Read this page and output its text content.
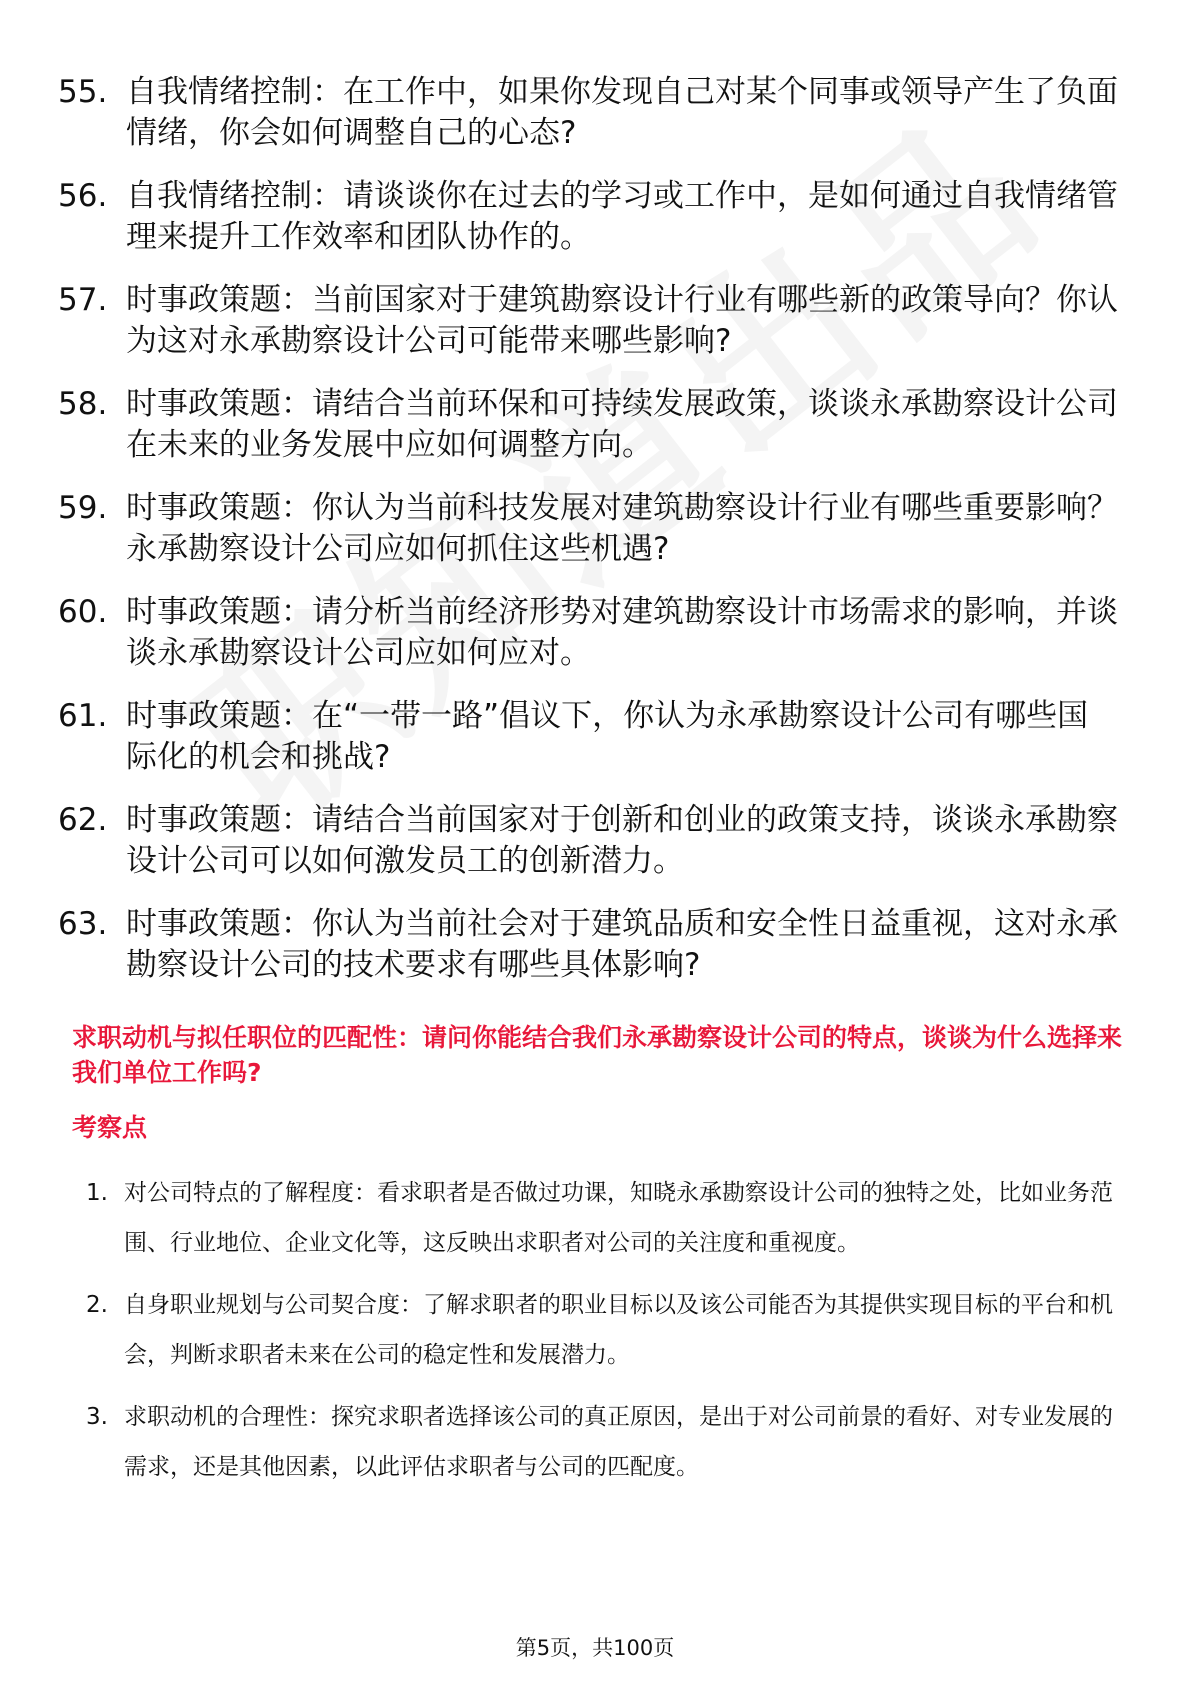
55. 自我情绪控制：在工作中，如果你发现自己对某个同事或领导产生了负面情绪，你会如何调整自己的心态?
56. 自我情绪控制：请谈谈你在过去的学习或工作中，是如何通过自我情绪管理来提升工作效率和团队协作的。
57. 时事政策题：当前国家对于建筑勘察设计行业有哪些新的政策导向？你认为这对永承勘察设计公司可能带来哪些影响?
58. 时事政策题：请结合当前环保和可持续发展政策，谈谈永承勘察设计公司在未来的业务发展中应如何调整方向。
59. 时事政策题：你认为当前科技发展对建筑勘察设计行业有哪些重要影响？永承勘察设计公司应如何抓住这些机遇?
60. 时事政策题：请分析当前经济形势对建筑勘察设计市场需求的影响，并谈谈永承勘察设计公司应如何应对。
61. 时事政策题：在“一带一路”倡议下，你认为永承勘察设计公司有哪些国际化的机会和挑战?
62. 时事政策题：请结合当前国家对于创新和创业的政策支持，谈谈永承勘察设计公司可以如何激发员工的创新潜力。
63. 时事政策题：你认为当前社会对于建筑品质和安全性日益重视，这对永承勘察设计公司的技术要求有哪些具体影响?
求职动机与拟任职位的匹配性：请问你能结合我们永承勘察设计公司的特点，谈谈为什么选择来我们单位工作吗?
考察点
1. 对公司特点的了解程度：看求职者是否做过功课，知晓永承勘察设计公司的独特之处，比如业务范围、行业地位、企业文化等，这反映出求职者对公司的关注度和重视度。
2. 自身职业规划与公司契合度：了解求职者的职业目标以及该公司能否为其提供实现目标的平台和机会，判断求职者未来在公司的稳定性和发展潜力。
3. 求职动机的合理性：探究求职者选择该公司的真正原因，是出于对公司前景的看好、对专业发展的需求，还是其他因素，以此评估求职者与公司的匹配度。
第5页，共100页
